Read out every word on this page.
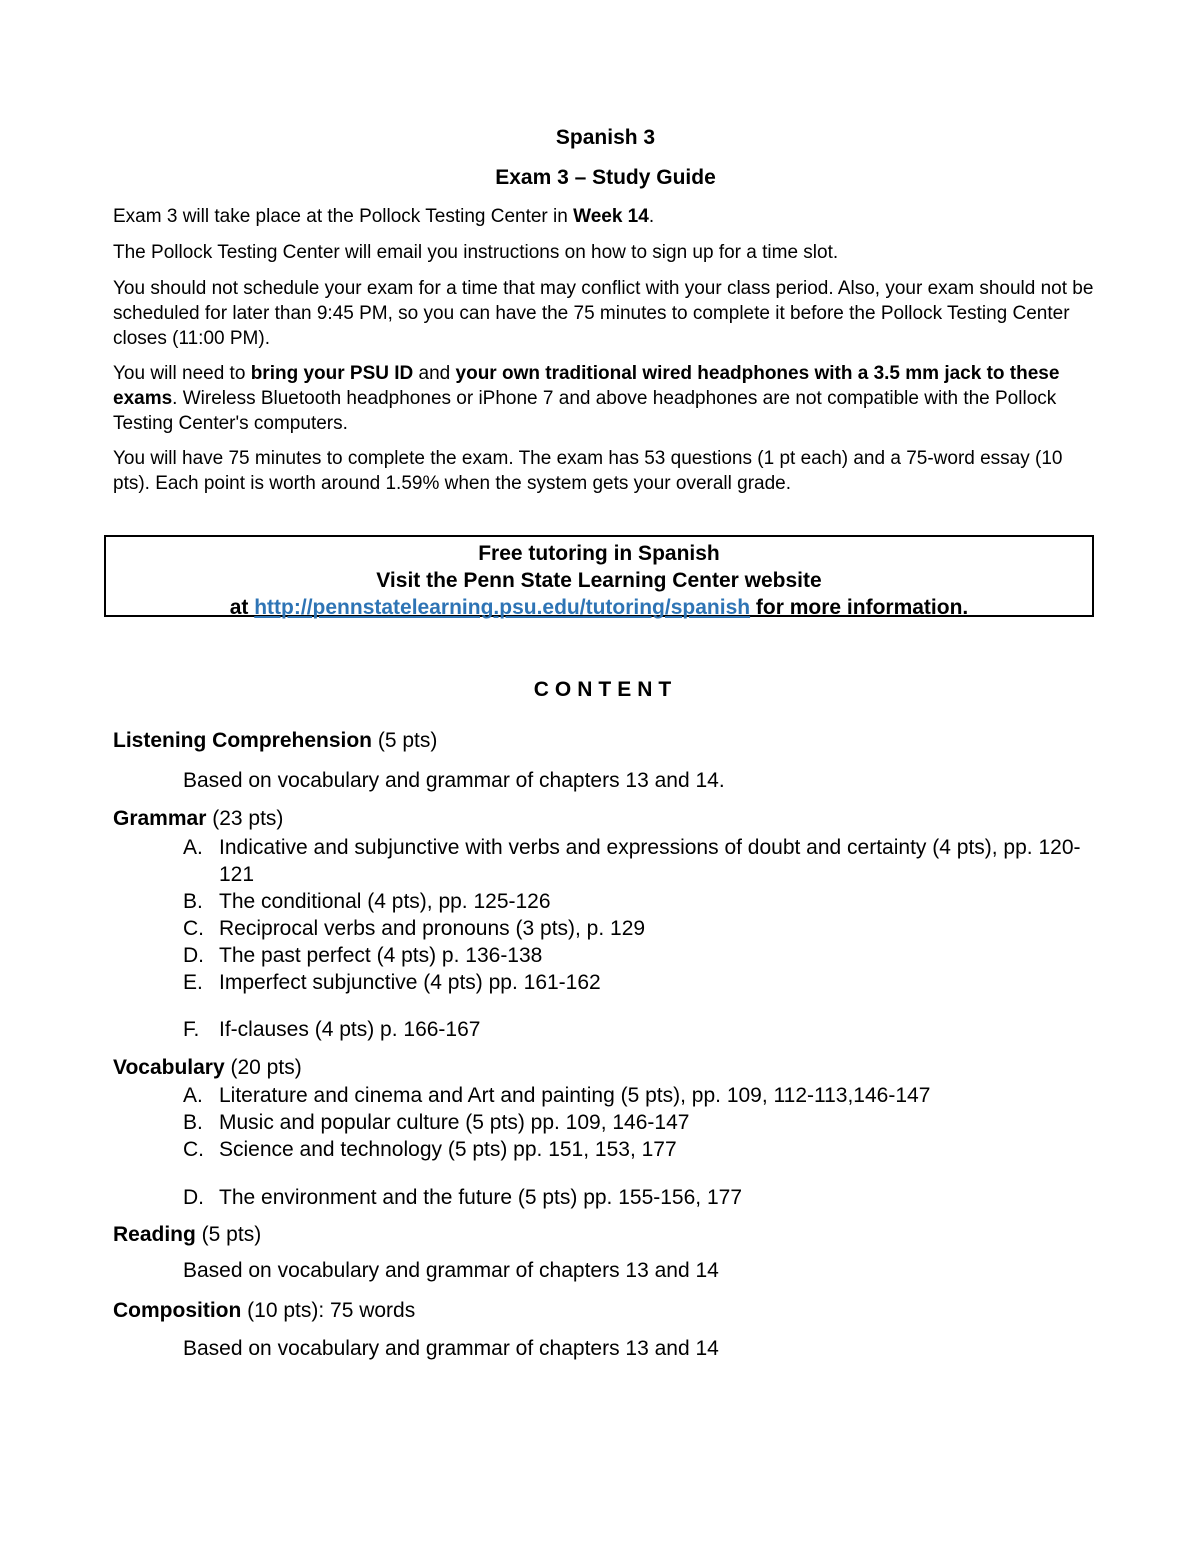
Spanish 3

Exam 3 – Study Guide

Exam 3 will take place at the Pollock Testing Center in Week 14.

The Pollock Testing Center will email you instructions on how to sign up for a time slot.

You should not schedule your exam for a time that may conflict with your class period. Also, your exam should not be scheduled for later than 9:45 PM, so you can have the 75 minutes to complete it before the Pollock Testing Center closes (11:00 PM).

You will need to bring your PSU ID and your own traditional wired headphones with a 3.5 mm jack to these exams. Wireless Bluetooth headphones or iPhone 7 and above headphones are not compatible with the Pollock Testing Center's computers.

You will have 75 minutes to complete the exam. The exam has 53 questions (1 pt each) and a 75-word essay (10 pts). Each point is worth around 1.59% when the system gets your overall grade.

Free tutoring in Spanish
Visit the Penn State Learning Center website
at http://pennstatelearning.psu.edu/tutoring/spanish for more information.
CONTENT
Listening Comprehension (5 pts)
Based on vocabulary and grammar of chapters 13 and 14.
Grammar (23 pts)
A. Indicative and subjunctive with verbs and expressions of doubt and certainty (4 pts), pp. 120-121
B. The conditional (4 pts), pp. 125-126
C. Reciprocal verbs and pronouns (3 pts), p. 129
D. The past perfect (4 pts) p. 136-138
E. Imperfect subjunctive (4 pts) pp. 161-162
F. If-clauses (4 pts) p. 166-167
Vocabulary (20 pts)
A. Literature and cinema and Art and painting (5 pts), pp. 109, 112-113,146-147
B. Music and popular culture (5 pts) pp. 109, 146-147
C. Science and technology (5 pts) pp. 151, 153, 177
D. The environment and the future (5 pts) pp. 155-156, 177
Reading (5 pts)
Based on vocabulary and grammar of chapters 13 and 14
Composition (10 pts): 75 words
Based on vocabulary and grammar of chapters 13 and 14
